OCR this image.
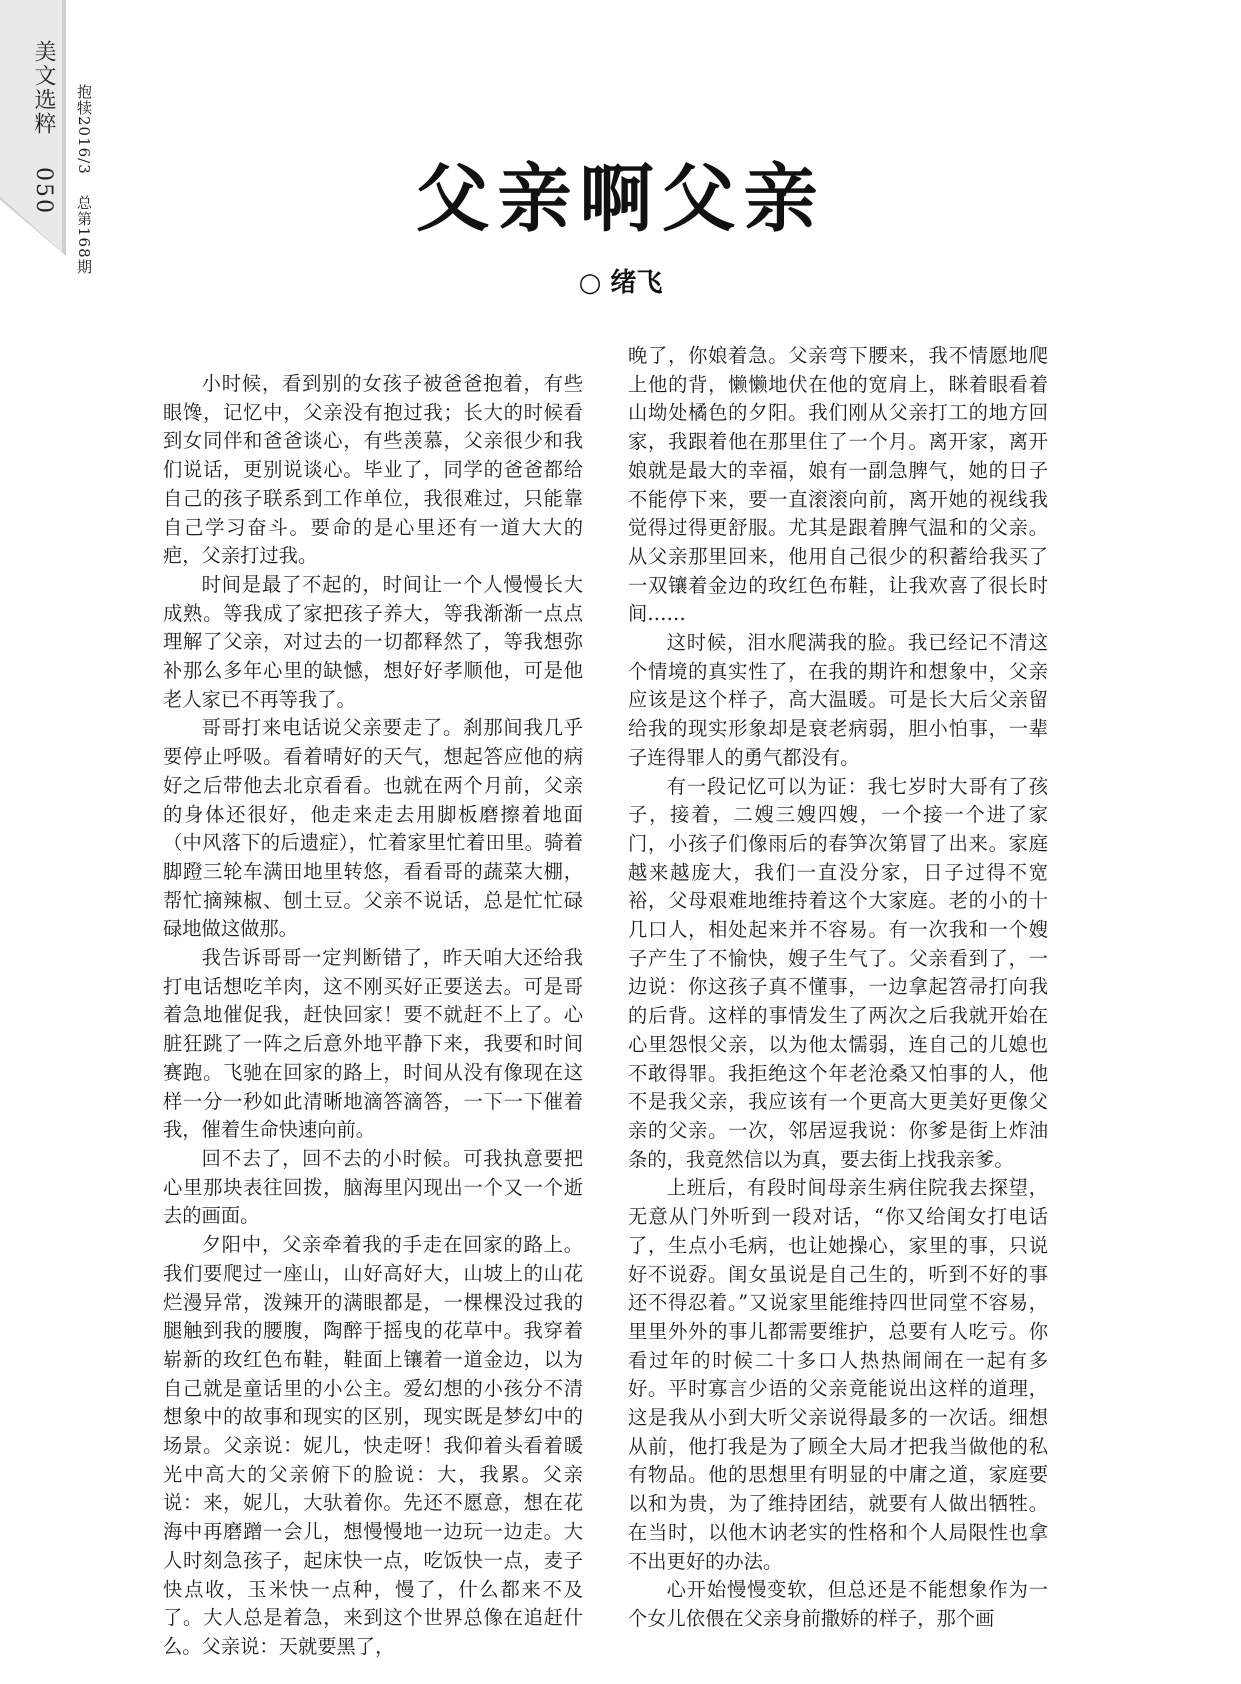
美文选粹 050
抱犊2016/3 总第168期	父亲啊父亲
○ 绪飞

小时候，看到别的女孩子被爸爸抱着，有些眼馋，记忆中，父亲没有抱过我；长大的时候看到女同伴和爸爸谈心，有些羡慕，父亲很少和我们说话，更别说谈心。毕业了，同学的爸爸都给自己的孩子联系到工作单位，我很难过，只能靠自己学习奋斗。要命的是心里还有一道大大的疤，父亲打过我。

时间是最了不起的，时间让一个人慢慢长大成熟。等我成了家把孩子养大，等我渐渐一点点理解了父亲，对过去的一切都释然了，等我想弥补那么多年心里的缺憾，想好好孝顺他，可是他老人家已不再等我了。

哥哥打来电话说父亲要走了。刹那间我几乎要停止呼吸。看着晴好的天气，想起答应他的病好之后带他去北京看看。也就在两个月前，父亲的身体还很好，他走来走去用脚板磨擦着地面（中风落下的后遗症），忙着家里忙着田里。骑着脚蹬三轮车满田地里转悠，看看哥的蔬菜大棚，帮忙摘辣椒、刨土豆。父亲不说话，总是忙忙碌碌地做这做那。

我告诉哥哥一定判断错了，昨天咱大还给我打电话想吃羊肉，这不刚买好正要送去。可是哥着急地催促我，赶快回家！要不就赶不上了。心脏狂跳了一阵之后意外地平静下来，我要和时间赛跑。飞驰在回家的路上，时间从没有像现在这样一分一秒如此清晰地滴答滴答，一下一下催着我，催着生命快速向前。

回不去了，回不去的小时候。可我执意要把心里那块表往回拨，脑海里闪现出一个又一个逝去的画面。

夕阳中，父亲牵着我的手走在回家的路上。我们要爬过一座山，山好高好大，山坡上的山花烂漫异常，泼辣开的满眼都是，一棵棵没过我的腿触到我的腰腹，陶醉于摇曳的花草中。我穿着崭新的玫红色布鞋，鞋面上镶着一道金边，以为自己就是童话里的小公主。爱幻想的小孩分不清想象中的故事和现实的区别，现实既是梦幻中的场景。父亲说：妮儿，快走呀！我仰着头看着暖光中高大的父亲俯下的脸说：大，我累。父亲说：来，妮儿，大驮着你。先还不愿意，想在花海中再磨蹭一会儿，想慢慢地一边玩一边走。大人时刻急孩子，起床快一点，吃饭快一点，麦子快点收，玉米快一点种，慢了，什么都来不及了。大人总是着急，来到这个世界总像在追赶什么。父亲说：天就要黑了，

晚了，你娘着急。父亲弯下腰来，我不情愿地爬上他的背，懒懒地伏在他的宽肩上，眯着眼看着山坳处橘色的夕阳。我们刚从父亲打工的地方回家，我跟着他在那里住了一个月。离开家，离开娘就是最大的幸福，娘有一副急脾气，她的日子不能停下来，要一直滚滚向前，离开她的视线我觉得过得更舒服。尤其是跟着脾气温和的父亲。从父亲那里回来，他用自己很少的积蓄给我买了一双镶着金边的玫红色布鞋，让我欢喜了很长时间……

这时候，泪水爬满我的脸。我已经记不清这个情境的真实性了，在我的期许和想象中，父亲应该是这个样子，高大温暖。可是长大后父亲留给我的现实形象却是衰老病弱，胆小怕事，一辈子连得罪人的勇气都没有。

有一段记忆可以为证：我七岁时大哥有了孩子，接着，二嫂三嫂四嫂，一个接一个进了家门，小孩子们像雨后的春笋次第冒了出来。家庭越来越庞大，我们一直没分家，日子过得不宽裕，父母艰难地维持着这个大家庭。老的小的十几口人，相处起来并不容易。有一次我和一个嫂子产生了不愉快，嫂子生气了。父亲看到了，一边说：你这孩子真不懂事，一边拿起笤帚打向我的后背。这样的事情发生了两次之后我就开始在心里怨恨父亲，以为他太懦弱，连自己的儿媳也不敢得罪。我拒绝这个年老沧桑又怕事的人，他不是我父亲，我应该有一个更高大更美好更像父亲的父亲。一次，邻居逗我说：你爹是街上炸油条的，我竟然信以为真，要去街上找我亲爹。

上班后，有段时间母亲生病住院我去探望，无意从门外听到一段对话，“你又给闺女打电话了，生点小毛病，也让她操心，家里的事，只说好不说孬。闺女虽说是自己生的，听到不好的事还不得忍着。”又说家里能维持四世同堂不容易，里里外外的事儿都需要维护，总要有人吃亏。你看过年的时候二十多口人热热闹闹在一起有多好。平时寡言少语的父亲竟能说出这样的道理，这是我从小到大听父亲说得最多的一次话。细想从前，他打我是为了顾全大局才把我当做他的私有物品。他的思想里有明显的中庸之道，家庭要以和为贵，为了维持团结，就要有人做出牺牲。在当时，以他木讷老实的性格和个人局限性也拿不出更好的办法。

心开始慢慢变软，但总还是不能想象作为一个女儿依偎在父亲身前撒娇的样子，那个画
